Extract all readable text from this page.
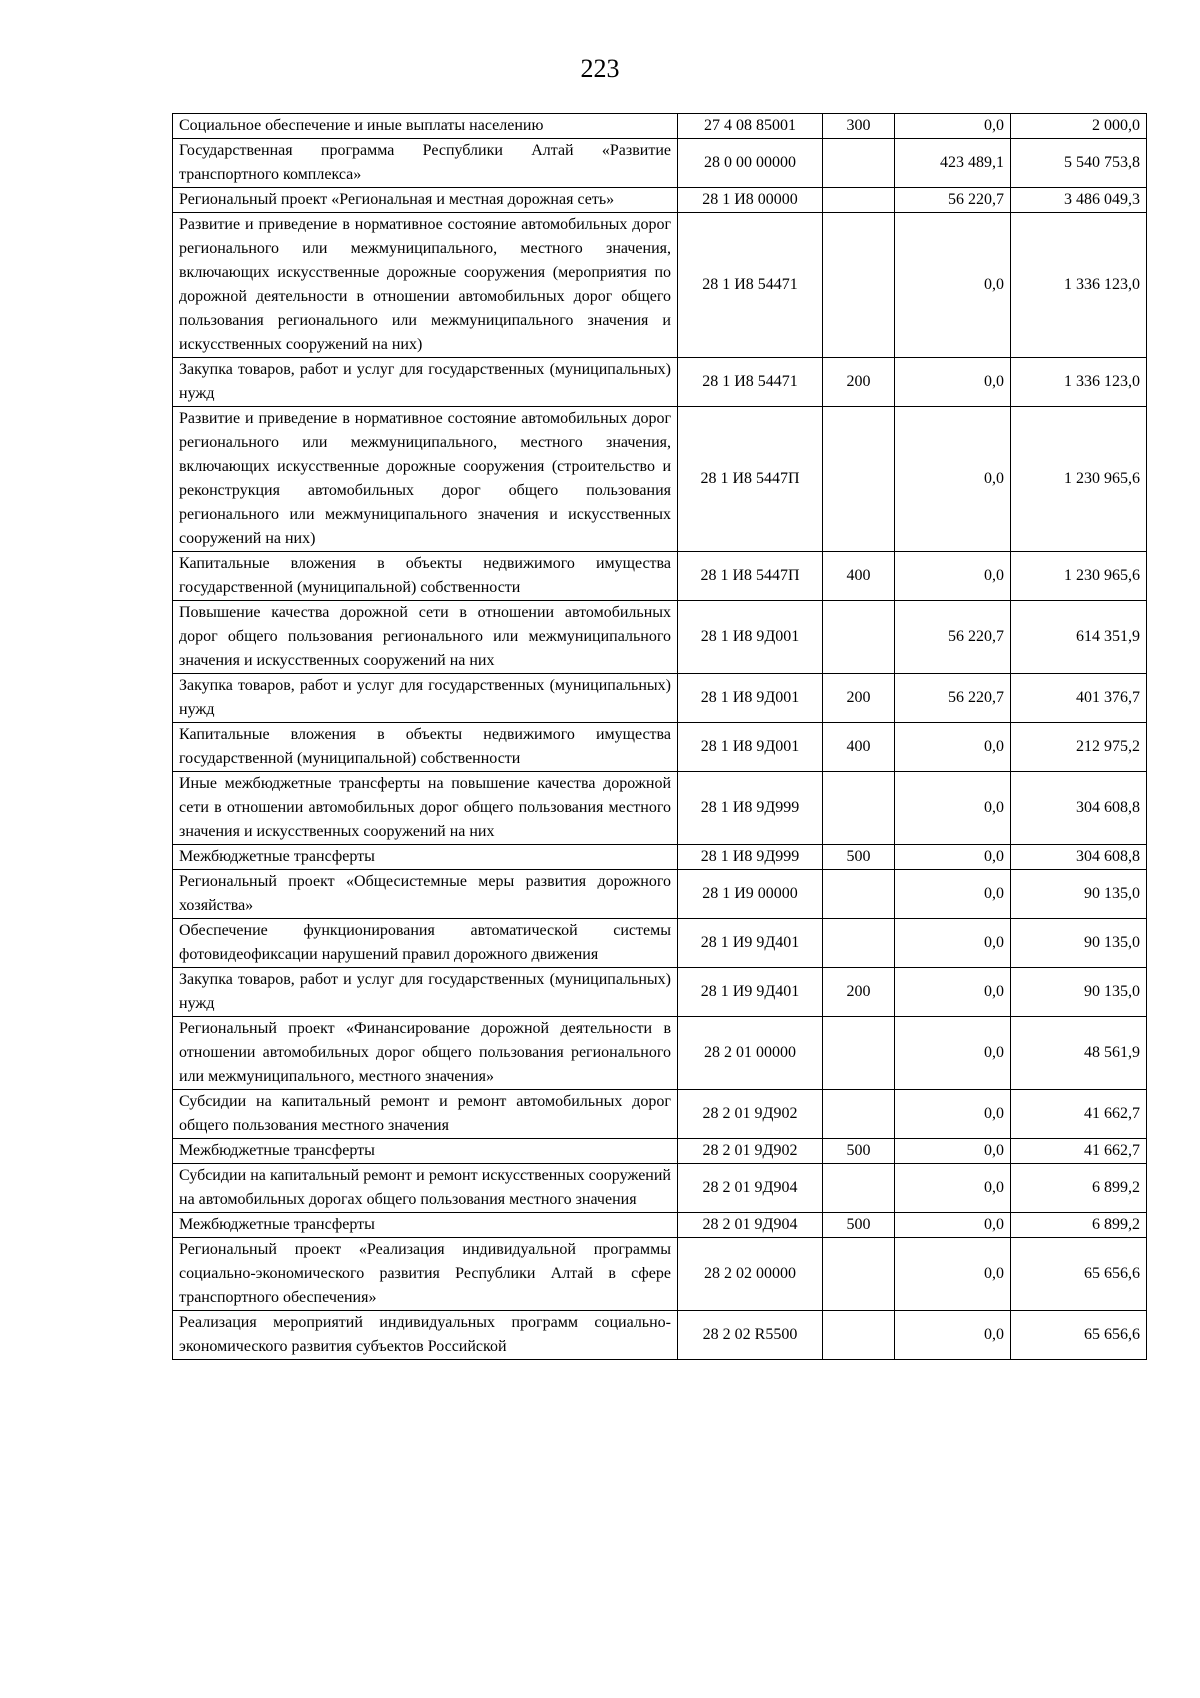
223
Социальное обеспечение и иные выплаты населению	27 4 08 85001	300	0,0	2 000,0
Государственная программа Республики Алтай «Развитие транспортного комплекса»	28 0 00 00000		423 489,1	5 540 753,8
Региональный проект «Региональная и местная дорожная сеть»	28 1 И8 00000		56 220,7	3 486 049,3
Развитие и приведение в нормативное состояние автомобильных дорог регионального или межмуниципального, местного значения, включающих искусственные дорожные сооружения (мероприятия по дорожной деятельности в отношении автомобильных дорог общего пользования регионального или межмуниципального значения и искусственных сооружений на них)	28 1 И8 54471		0,0	1 336 123,0
Закупка товаров, работ и услуг для государственных (муниципальных) нужд	28 1 И8 54471	200	0,0	1 336 123,0
Развитие и приведение в нормативное состояние автомобильных дорог регионального или межмуниципального, местного значения, включающих искусственные дорожные сооружения (строительство и реконструкция автомобильных дорог общего пользования регионального или межмуниципального значения и искусственных сооружений на них)	28 1 И8 5447П		0,0	1 230 965,6
Капитальные вложения в объекты недвижимого имущества государственной (муниципальной) собственности	28 1 И8 5447П	400	0,0	1 230 965,6
Повышение качества дорожной сети в отношении автомобильных дорог общего пользования регионального или межмуниципального значения и искусственных сооружений на них	28 1 И8 9Д001		56 220,7	614 351,9
Закупка товаров, работ и услуг для государственных (муниципальных) нужд	28 1 И8 9Д001	200	56 220,7	401 376,7
Капитальные вложения в объекты недвижимого имущества государственной (муниципальной) собственности	28 1 И8 9Д001	400	0,0	212 975,2
Иные межбюджетные трансферты на повышение качества дорожной сети в отношении автомобильных дорог общего пользования местного значения и искусственных сооружений на них	28 1 И8 9Д999		0,0	304 608,8
Межбюджетные трансферты	28 1 И8 9Д999	500	0,0	304 608,8
Региональный проект «Общесистемные меры развития дорожного хозяйства»	28 1 И9 00000		0,0	90 135,0
Обеспечение функционирования автоматической системы фотовидеофиксации нарушений правил дорожного движения	28 1 И9 9Д401		0,0	90 135,0
Закупка товаров, работ и услуг для государственных (муниципальных) нужд	28 1 И9 9Д401	200	0,0	90 135,0
Региональный проект «Финансирование дорожной деятельности в отношении автомобильных дорог общего пользования регионального или межмуниципального, местного значения»	28 2 01 00000		0,0	48 561,9
Субсидии на капитальный ремонт и ремонт автомобильных дорог общего пользования местного значения	28 2 01 9Д902		0,0	41 662,7
Межбюджетные трансферты	28 2 01 9Д902	500	0,0	41 662,7
Субсидии на капитальный ремонт и ремонт искусственных сооружений на автомобильных дорогах общего пользования местного значения	28 2 01 9Д904		0,0	6 899,2
Межбюджетные трансферты	28 2 01 9Д904	500	0,0	6 899,2
Региональный проект «Реализация индивидуальной программы социально-экономического развития Республики Алтай в сфере транспортного обеспечения»	28 2 02 00000		0,0	65 656,6
Реализация мероприятий индивидуальных программ социально-экономического развития субъектов Российской	28 2 02 R5500		0,0	65 656,6
